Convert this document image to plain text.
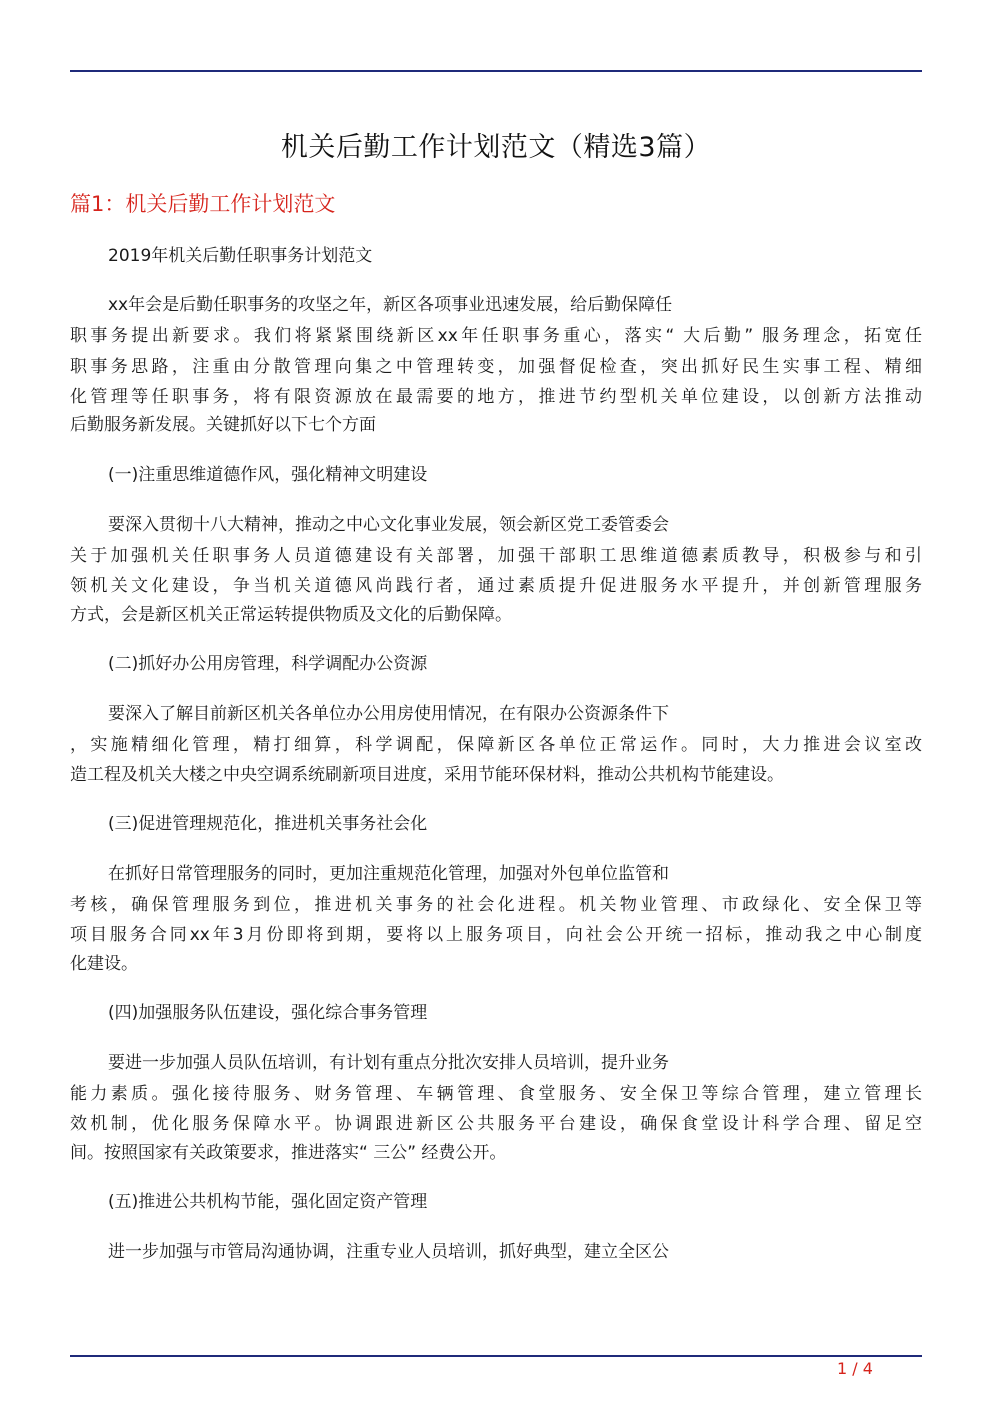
机关后勤工作计划范文（精选3篇）
篇1：机关后勤工作计划范文
2019年机关后勤任职事务计划范文
xx年会是后勤任职事务的攻坚之年，新区各项事业迅速发展，给后勤保障任
职事务提出新要求。我们将紧紧围绕新区xx年任职事务重心，落实“ 大后勤” 服务理念，拓宽任
职事务思路，注重由分散管理向集之中管理转变，加强督促检查，突出抓好民生实事工程、精细
化管理等任职事务，将有限资源放在最需要的地方，推进节约型机关单位建设，以创新方法推动
后勤服务新发展。关键抓好以下七个方面
(一)注重思维道德作风，强化精神文明建设
要深入贯彻十八大精神，推动之中心文化事业发展，领会新区党工委管委会
关于加强机关任职事务人员道德建设有关部署，加强干部职工思维道德素质教导，积极参与和引
领机关文化建设，争当机关道德风尚践行者，通过素质提升促进服务水平提升，并创新管理服务
方式，会是新区机关正常运转提供物质及文化的后勤保障。
(二)抓好办公用房管理，科学调配办公资源
要深入了解目前新区机关各单位办公用房使用情况，在有限办公资源条件下
，实施精细化管理，精打细算，科学调配，保障新区各单位正常运作。同时，大力推进会议室改
造工程及机关大楼之中央空调系统刷新项目进度，采用节能环保材料，推动公共机构节能建设。
(三)促进管理规范化，推进机关事务社会化
在抓好日常管理服务的同时，更加注重规范化管理，加强对外包单位监管和
考核，确保管理服务到位，推进机关事务的社会化进程。机关物业管理、市政绿化、安全保卫等
项目服务合同xx年3月份即将到期，要将以上服务项目，向社会公开统一招标，推动我之中心制度
化建设。
(四)加强服务队伍建设，强化综合事务管理
要进一步加强人员队伍培训，有计划有重点分批次安排人员培训，提升业务
能力素质。强化接待服务、财务管理、车辆管理、食堂服务、安全保卫等综合管理，建立管理长
效机制，优化服务保障水平。协调跟进新区公共服务平台建设，确保食堂设计科学合理、留足空
间。按照国家有关政策要求，推进落实“ 三公” 经费公开。
(五)推进公共机构节能，强化固定资产管理
进一步加强与市管局沟通协调，注重专业人员培训，抓好典型，建立全区公
1 / 4
